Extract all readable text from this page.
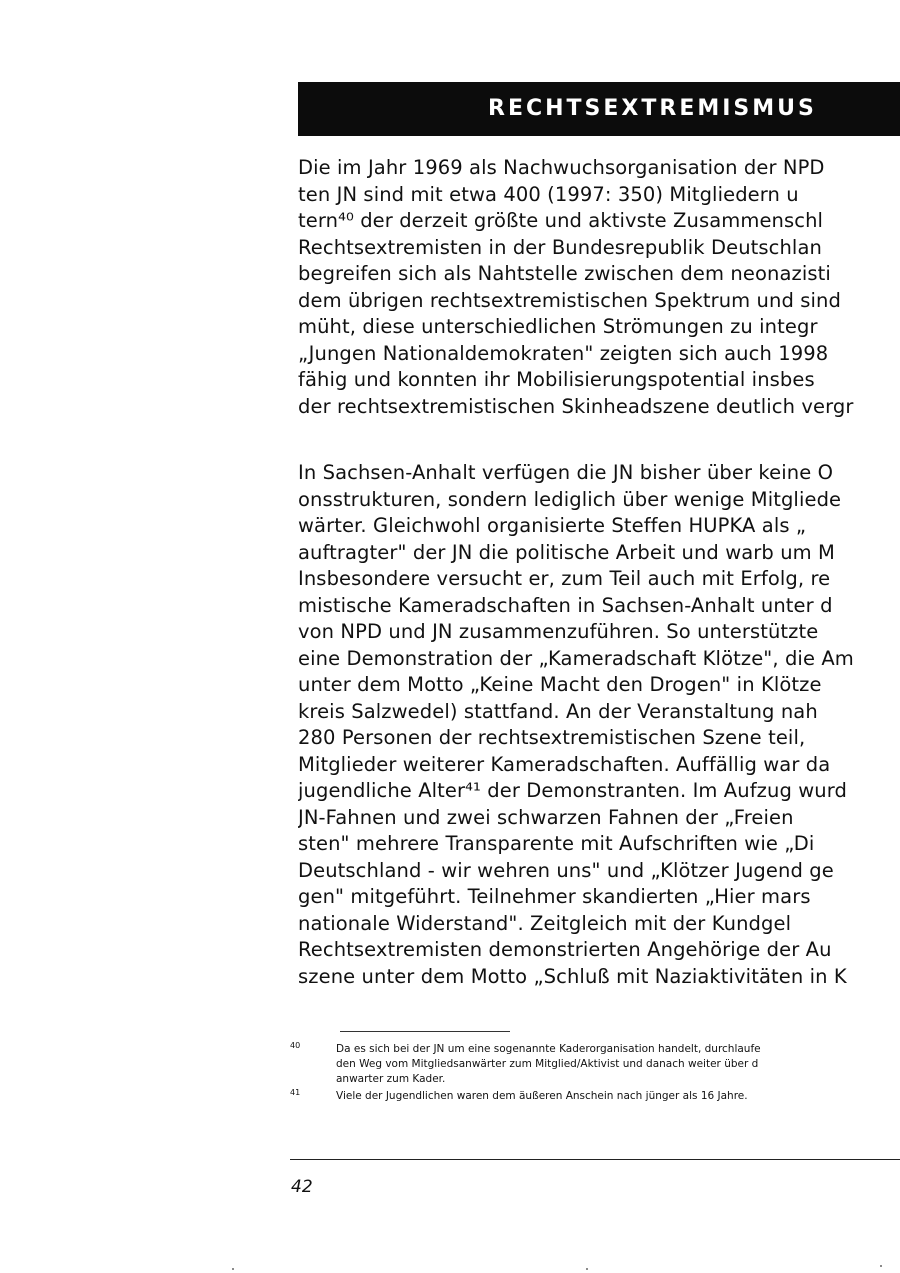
RECHTSEXTREMISMUS
Die im Jahr 1969 als Nachwuchsorganisation der NPD
ten JN sind mit etwa 400 (1997: 350) Mitgliedern u
tern⁴⁰ der derzeit größte und aktivste Zusammenschl
Rechtsextremisten in der Bundesrepublik Deutschlan
begreifen sich als Nahtstelle zwischen dem neonazisti
dem übrigen rechtsextremistischen Spektrum und sind
müht, diese unterschiedlichen Strömungen zu integr
„Jungen Nationaldemokraten" zeigten sich auch 1998
fähig und konnten ihr Mobilisierungspotential insbes
der rechtsextremistischen Skinheadszene deutlich vergr
In Sachsen-Anhalt verfügen die JN bisher über keine O
onsstrukturen, sondern lediglich über wenige Mitgliede
wärter. Gleichwohl organisierte Steffen HUPKA als „
auftragter" der JN die politische Arbeit und warb um M
Insbesondere versucht er, zum Teil auch mit Erfolg, re
mistische Kameradschaften in Sachsen-Anhalt unter d
von NPD und JN zusammenzuführen. So unterstützte
eine Demonstration der „Kameradschaft Klötze", die Am
unter dem Motto „Keine Macht den Drogen" in Klötze
kreis Salzwedel) stattfand. An der Veranstaltung nah
280 Personen der rechtsextremistischen Szene teil,
Mitglieder weiterer Kameradschaften. Auffällig war da
jugendliche Alter⁴¹ der Demonstranten. Im Aufzug wurd
JN-Fahnen und zwei schwarzen Fahnen der „Freien
sten" mehrere Transparente mit Aufschriften wie „Di
Deutschland - wir wehren uns" und „Klötzer Jugend ge
gen" mitgeführt. Teilnehmer skandierten „Hier mars
nationale Widerstand". Zeitgleich mit der Kundgel
Rechtsextremisten demonstrierten Angehörige der Au
szene unter dem Motto „Schluß mit Naziaktivitäten in K
40	Da es sich bei der JN um eine sogenannte Kaderorganisation handelt, durchlaufe
den Weg vom Mitgliedsanwärter zum Mitglied/Aktivist und danach weiter über d
anwarter zum Kader.
41	Viele der Jugendlichen waren dem äußeren Anschein nach jünger als 16 Jahre.
42
